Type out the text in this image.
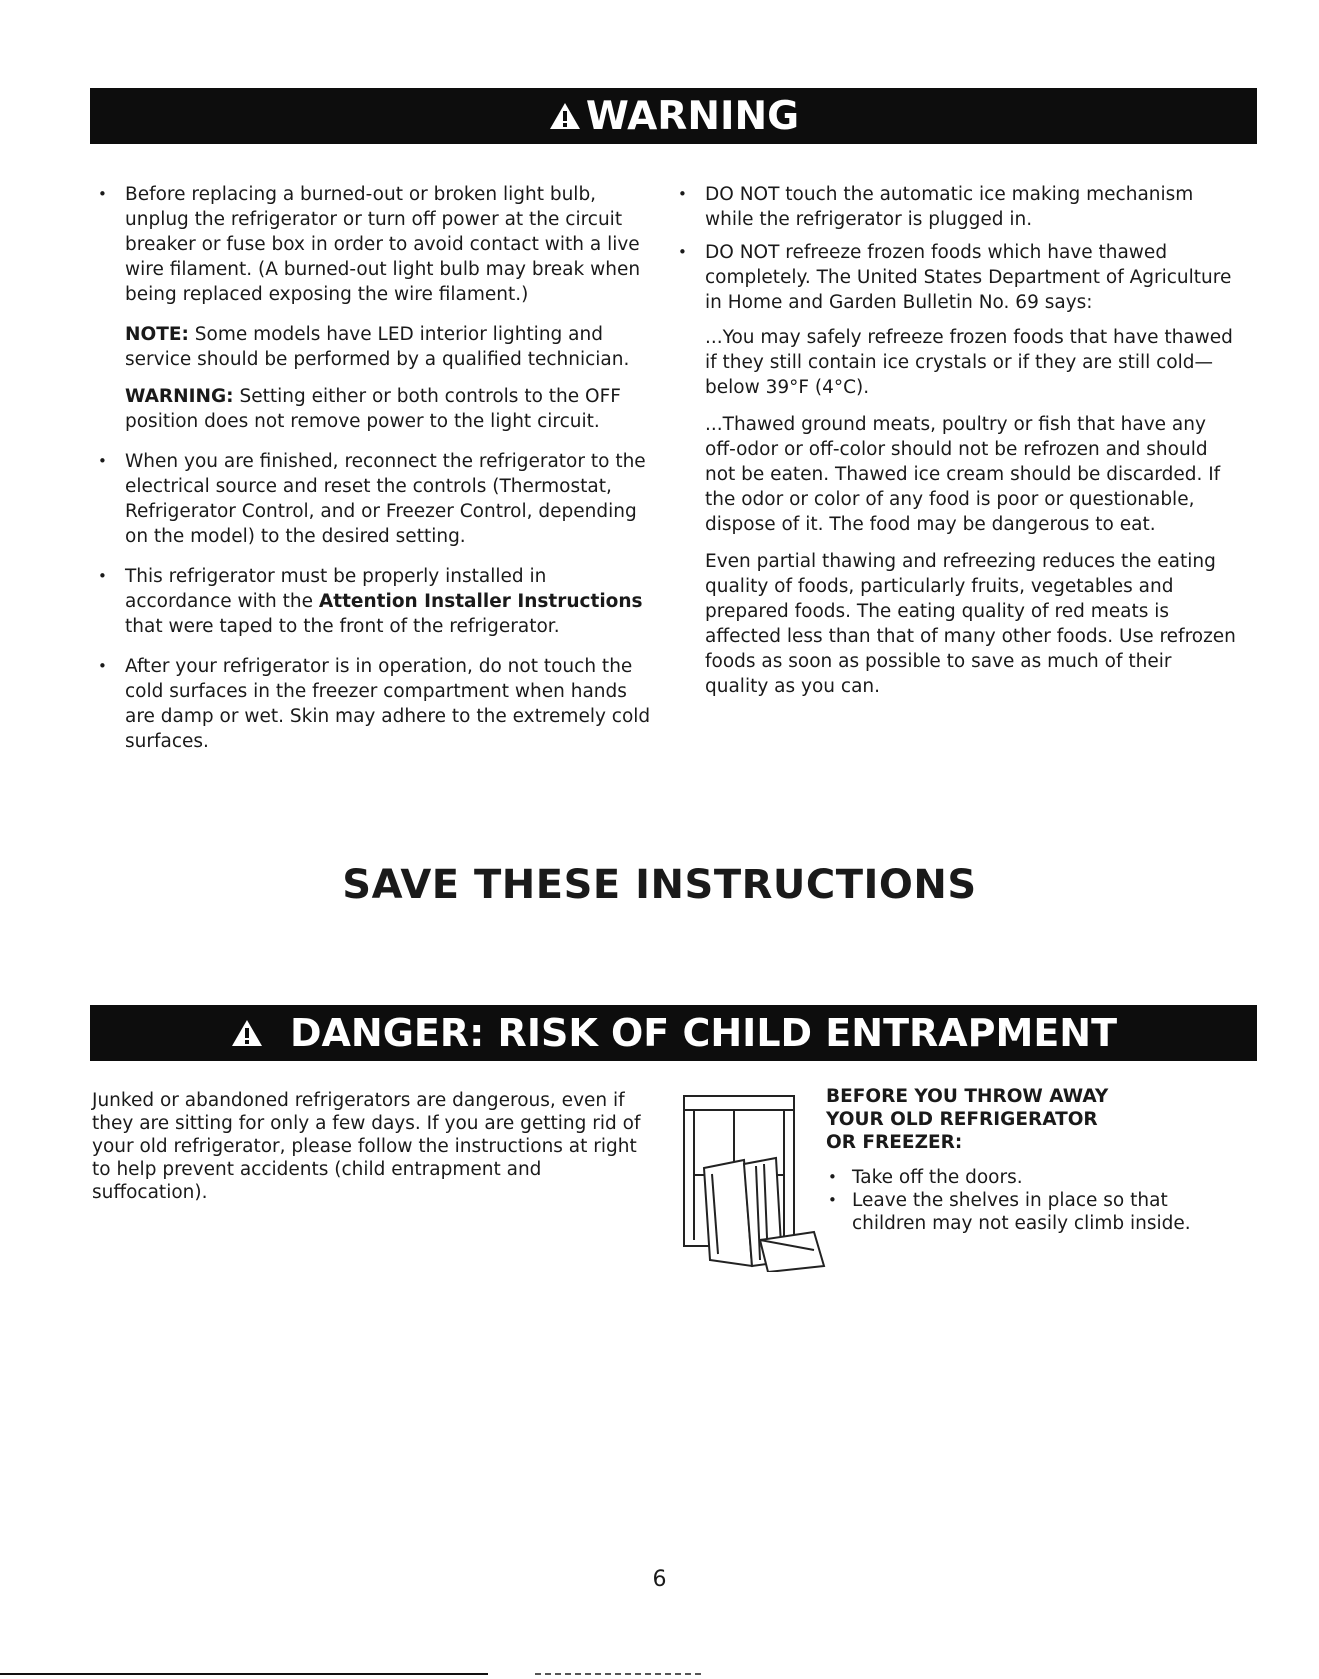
WARNING

• Before replacing a burned-out or broken light bulb, unplug the refrigerator or turn off power at the circuit breaker or fuse box in order to avoid contact with a live wire filament. (A burned-out light bulb may break when being replaced exposing the wire filament.)

NOTE: Some models have LED interior lighting and service should be performed by a qualified technician.

WARNING: Setting either or both controls to the OFF position does not remove power to the light circuit.

• When you are finished, reconnect the refrigerator to the electrical source and reset the controls (Thermostat, Refrigerator Control, and or Freezer Control, depending on the model) to the desired setting.

• This refrigerator must be properly installed in accordance with the Attention Installer Instructions that were taped to the front of the refrigerator.

• After your refrigerator is in operation, do not touch the cold surfaces in the freezer compartment when hands are damp or wet. Skin may adhere to the extremely cold surfaces.

• DO NOT touch the automatic ice making mechanism while the refrigerator is plugged in.

• DO NOT refreeze frozen foods which have thawed completely. The United States Department of Agriculture in Home and Garden Bulletin No. 69 says:

...You may safely refreeze frozen foods that have thawed if they still contain ice crystals or if they are still cold—below 39°F (4°C).

...Thawed ground meats, poultry or fish that have any off-odor or off-color should not be refrozen and should not be eaten. Thawed ice cream should be discarded. If the odor or color of any food is poor or questionable, dispose of it. The food may be dangerous to eat.

Even partial thawing and refreezing reduces the eating quality of foods, particularly fruits, vegetables and prepared foods. The eating quality of red meats is affected less than that of many other foods. Use refrozen foods as soon as possible to save as much of their quality as you can.

SAVE THESE INSTRUCTIONS
DANGER: RISK OF CHILD ENTRAPMENT
Junked or abandoned refrigerators are dangerous, even if they are sitting for only a few days. If you are getting rid of your old refrigerator, please follow the instructions at right to help prevent accidents (child entrapment and suffocation).
BEFORE YOU THROW AWAY
YOUR OLD REFRIGERATOR
OR FREEZER:

• Take off the doors.

• Leave the shelves in place so that children may not easily climb inside.

6
